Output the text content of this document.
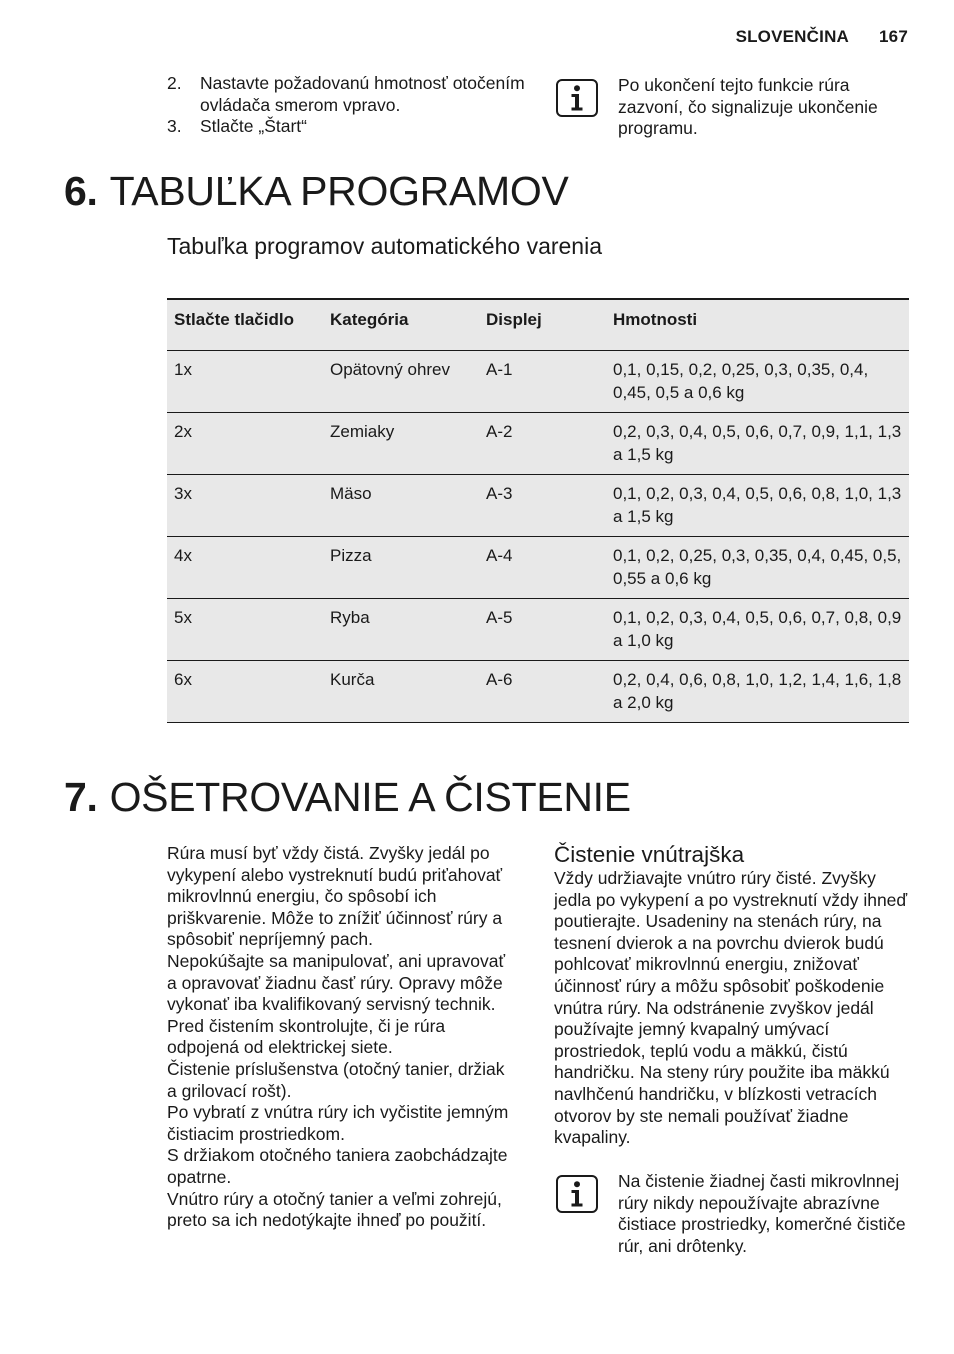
SLOVENČINA 167
2.	Nastavte požadovanú hmotnosť otočením ovládača smerom vpravo.
3.	Stlačte „Štart“
Po ukončení tejto funkcie rúra zazvoní, čo signalizuje ukončenie programu.
6. TABUĽKA PROGRAMOV
Tabuľka programov automatického varenia
Stlačte tlačidlo	Kategória	Displej	Hmotnosti
1x	Opätovný ohrev	A-1	0,1, 0,15, 0,2, 0,25, 0,3, 0,35, 0,4, 0,45, 0,5 a 0,6 kg
2x	Zemiaky	A-2	0,2, 0,3, 0,4, 0,5, 0,6, 0,7, 0,9, 1,1, 1,3 a 1,5 kg
3x	Mäso	A-3	0,1, 0,2, 0,3, 0,4, 0,5, 0,6, 0,8, 1,0, 1,3 a 1,5 kg
4x	Pizza	A-4	0,1, 0,2, 0,25, 0,3, 0,35, 0,4, 0,45, 0,5, 0,55 a 0,6 kg
5x	Ryba	A-5	0,1, 0,2, 0,3, 0,4, 0,5, 0,6, 0,7, 0,8, 0,9 a 1,0 kg
6x	Kurča	A-6	0,2, 0,4, 0,6, 0,8, 1,0, 1,2, 1,4, 1,6, 1,8 a 2,0 kg
7. OŠETROVANIE A ČISTENIE

Rúra musí byť vždy čistá. Zvyšky jedál po vykypení alebo vystreknutí budú priťahovať mikrovlnnú energiu, čo spôsobí ich priškvarenie. Môže to znížiť účinnosť rúry a spôsobiť nepríjemný pach.

Nepokúšajte sa manipulovať, ani upravovať a opravovať žiadnu časť rúry. Opravy môže vykonať iba kvalifikovaný servisný technik.

Pred čistením skontrolujte, či je rúra odpojená od elektrickej siete.

Čistenie príslušenstva (otočný tanier, držiak a grilovací rošt).

Po vybratí z vnútra rúry ich vyčistite jemným čistiacim prostriedkom.

S držiakom otočného taniera zaobchádzajte opatrne.

Vnútro rúry a otočný tanier a veľmi zohrejú, preto sa ich nedotýkajte ihneď po použití.

Čistenie vnútrajška
Vždy udržiavajte vnútro rúry čisté. Zvyšky jedla po vykypení a po vystreknutí vždy ihneď poutierajte. Usadeniny na stenách rúry, na tesnení dvierok a na povrchu dvierok budú pohlcovať mikrovlnnú energiu, znižovať účinnosť rúry a môžu spôsobiť poškodenie vnútra rúry. Na odstránenie zvyškov jedál používajte jemný kvapalný umývací prostriedok, teplú vodu a mäkkú, čistú handričku. Na steny rúry použite iba mäkkú navlhčenú handričku, v blízkosti vetracích otvorov by ste nemali používať žiadne kvapaliny.
Na čistenie žiadnej časti mikrovlnnej rúry nikdy nepoužívajte abrazívne čistiace prostriedky, komerčné čističe rúr, ani drôtenky.
